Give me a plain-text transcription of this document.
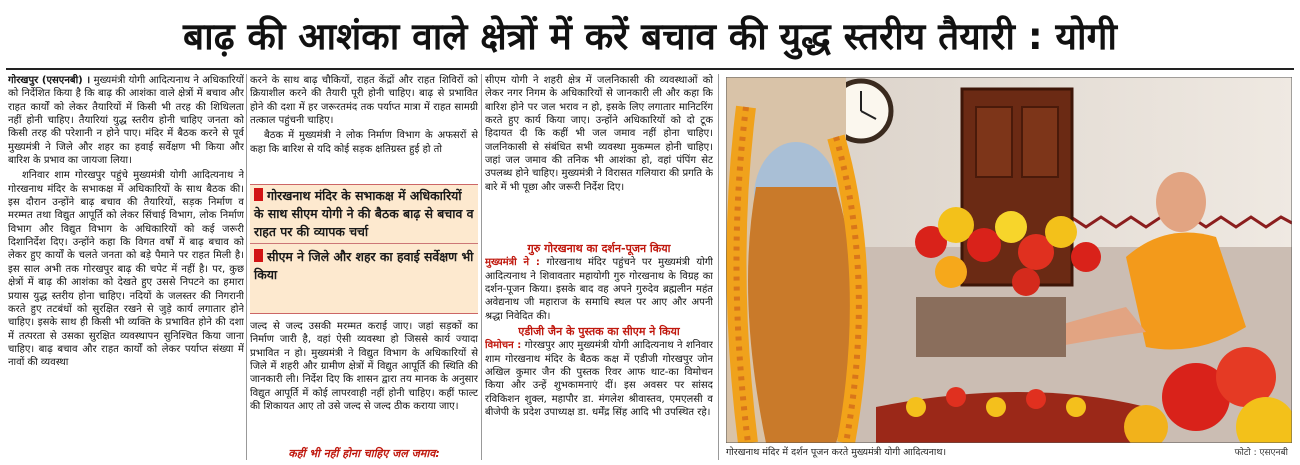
बाढ़ की आशंका वाले क्षेत्रों में करें बचाव की युद्ध स्तरीय तैयारी : योगी

गोरखपुर (एसएनबी) । मुख्यमंत्री योगी आदित्यनाथ ने अधिकारियों को निर्देशित किया है कि बाढ़ की आशंका वाले क्षेत्रों में बचाव और राहत कार्यों को लेकर तैयारियों में किसी भी तरह की शिथिलता नहीं होनी चाहिए। तैयारियां युद्ध स्तरीय होनी चाहिए जनता को किसी तरह की परेशानी न होने पाए। मंदिर में बैठक करने से पूर्व मुख्यमंत्री ने जिले और शहर का हवाई सर्वेक्षण भी किया और बारिश के प्रभाव का जायजा लिया।

शनिवार शाम गोरखपुर पहुंचे मुख्यमंत्री योगी आदित्यनाथ ने गोरखनाथ मंदिर के सभाकक्ष में अधिकारियों के साथ बैठक की। इस दौरान उन्होंने बाढ़ बचाव की तैयारियों, सड़क निर्माण व मरम्मत तथा विद्युत आपूर्ति को लेकर सिंचाई विभाग, लोक निर्माण विभाग और विद्युत विभाग के अधिकारियों को कई जरूरी दिशानिर्देश दिए। उन्होंने कहा कि विगत वर्षों में बाढ़ बचाव को लेकर हुए कार्यों के चलते जनता को बड़े पैमाने पर राहत मिली है। इस साल अभी तक गोरखपुर बाढ़ की चपेट में नहीं है। पर, कुछ क्षेत्रों में बाढ़ की आशंका को देखते हुए उससे निपटने का हमारा प्रयास युद्ध स्तरीय होना चाहिए। नदियों के जलस्तर की निगरानी करते हुए तटबंधों को सुरक्षित रखने से जुड़े कार्य लगातार होने चाहिए। इसके साथ ही किसी भी व्यक्ति के प्रभावित होने की दशा में तत्परता से उसका सुरक्षित व्यवस्थापन सुनिश्चित किया जाना चाहिए। बाढ़ बचाव और राहत कार्यों को लेकर पर्याप्त संख्या में नावों की व्यवस्था

करने के साथ बाढ़ चौकियों, राहत केंद्रों और राहत शिविरों को क्रियाशील करने की तैयारी पूरी होनी चाहिए। बाढ़ से प्रभावित होने की दशा में हर जरूरतमंद तक पर्याप्त मात्रा में राहत सामग्री तत्काल पहुंचनी चाहिए।

बैठक में मुख्यमंत्री ने लोक निर्माण विभाग के अफसरों से कहा कि बारिश से यदि कोई सड़क क्षतिग्रस्त हुई हो तो

गोरखनाथ मंदिर के सभाकक्ष में अधिकारियों के साथ सीएम योगी ने की बैठक बाढ़ से बचाव व राहत पर की व्यापक चर्चा
सीएम ने जिले और शहर का हवाई सर्वेक्षण भी किया

जल्द से जल्द उसकी मरम्मत कराई जाए। जहां सड़कों का निर्माण जारी है, वहां ऐसी व्यवस्था हो जिससे कार्य ज्यादा प्रभावित न हो। मुख्यमंत्री ने विद्युत विभाग के अधिकारियों से जिले में शहरी और ग्रामीण क्षेत्रों में विद्युत आपूर्ति की स्थिति की जानकारी ली। निर्देश दिए कि शासन द्वारा तय मानक के अनुसार विद्युत आपूर्ति में कोई लापरवाही नहीं होनी चाहिए। कहीं फाल्ट की शिकायत आए तो उसे जल्द से जल्द ठीक कराया जाए।

कहीं भी नहीं होना चाहिए जल जमाव:

सीएम योगी ने शहरी क्षेत्र में जलनिकासी की व्यवस्थाओं को लेकर नगर निगम के अधिकारियों से जानकारी ली और कहा कि बारिश होने पर जल भराव न हो, इसके लिए लगातार मानिटरिंग करते हुए कार्य किया जाए। उन्होंने अधिकारियों को दो टूक हिदायत दी कि कहीं भी जल जमाव नहीं होना चाहिए। जलनिकासी से संबंधित सभी व्यवस्था मुकम्मल होनी चाहिए। जहां जल जमाव की तनिक भी आशंका हो, वहां पंपिंग सेट उपलब्ध होने चाहिए। मुख्यमंत्री ने विरासत गलियारा की प्रगति के बारे में भी पूछा और जरूरी निर्देश दिए।

गुरु गोरखनाथ का दर्शन-पूजन किया

मुख्यमंत्री ने : गोरखनाथ मंदिर पहुंचने पर मुख्यमंत्री योगी आदित्यनाथ ने शिवावतार महायोगी गुरु गोरखनाथ के विग्रह का दर्शन-पूजन किया। इसके बाद वह अपने गुरुदेव ब्रह्मलीन महंत अवेद्यनाथ जी महाराज के समाधि स्थल पर आए और अपनी श्रद्धा निवेदित की।

एडीजी जैन के पुस्तक का सीएम ने किया

विमोचन : गोरखपुर आए मुख्यमंत्री योगी आदित्यनाथ ने शनिवार शाम गोरखनाथ मंदिर के बैठक कक्ष में एडीजी गोरखपुर जोन अखिल कुमार जैन की पुस्तक रिवर आफ थाट-का विमोचन किया और उन्हें शुभकामनाएं दीं। इस अवसर पर सांसद रविकिशन शुक्ल, महापौर डा. मंगलेश श्रीवास्तव, एमएलसी व बीजेपी के प्रदेश उपाध्यक्ष डा. धर्मेंद्र सिंह आदि भी उपस्थित रहे।

गोरखनाथ मंदिर में दर्शन पूजन करते मुख्यमंत्री योगी आदित्यनाथ।	फोटो : एसएनबी
